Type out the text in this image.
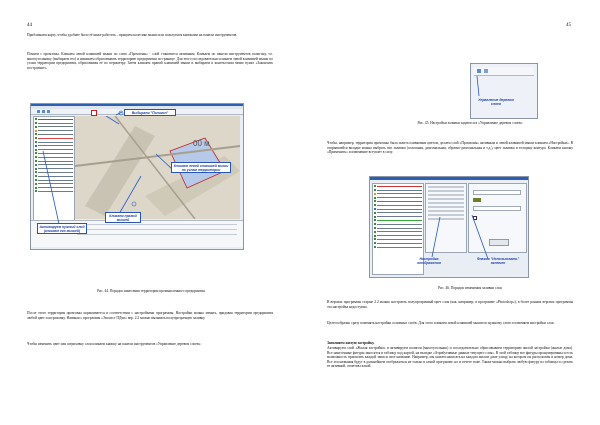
44

Приближаем карту, чтобы удобнее было её ниже работать – вращаем колесико мыши или пользуемся кнопками на панели инструментов.

Почнем с промзоны. Кликаем левой клавишей мыши по слою «Промзоны» - слой становится активным. Кликаем по панели инструментов полигону, т.е. многоугольнику (выбираем его) и начинаем обрисовывать территорию предприятия по границе. Для этого последовательно кликаем левой клавишей мыши по углам территории предприятия, обрисовывая её по периметру. Затем кликаем правой клавишей мыши и выбираем в контекстном меню пункт «Закончить построение».

00 м
Выбираем "Полигон"
Кликаем левой клавишей мыши по углам территории
Активируем нужный слой (кликаем его мышей)
Кликаем правой мышей

Рис. 44. Порядок нанесения территории промышленного предприятия

После этого территория промзоны окрашивается в соответствии с настройками программы. Настройки можно менять, придавая территории предприятия любой цвет и штриховку. Начиная с программы «Экосист ПДчи» вер. 2.2 можно вызывать полупрозрачную заливку.

Чтобы изменить цвет или штриховку слоя кликаем кнопку на панели инструментов «Управление деревом слоев»:

45
Управление деревом слоев

Рис. 45. Настройки заливки задаются в «Управление деревом слоев»

Чтобы, например, территория промзоны была залита оливковым цветом, делаем слой «Промзоны» активным и левой клавишей мыши кликаем «Настройки». В открывшейся вкладке можно выбрать тип заливки (сплошная, диагональная, обратно-диагональная и т.д.), цвет заливки и толщину контура. Кликаем кнопку «Применить» и изменение вступает в силу.

Настройка отображения
Флажок "Использовать" включен

Рис. 46. Порядок изменения заливки слоя

В версиях программы старше 2.2 можно настроить полупрозрачный цвет слоя (как, например, в программе «Photoshop»), в более ранних версиях программы эта настройка недоступна.

Целесообразно сразу поменять настройки основных слоёв. Для этого кликаем левой клавишей мыши по нужному слою и изменяем настройки слоя.

Заполняем жилую застройку.

Активируем слой «Жилая застройка» и активируем полигон (многоугольник) и последовательно обрисовываем территорию жилой застройки (жилые дома). Все нанесенные фигуры заносятся в таблицу под картой, на вкладке «Атрибутивные данные текущего слоя». В этой таблице все фигуры пронумерованы и есть возможность присвоить каждой записи свое название. Например, мы можем написать на каждом жилом доме улицу, на котором он расположен и номер дома. Все эти названия будут в дальнейшем отображаться не только в самой программе, но и отчете тоже. Также можно выбрать любую фигуру из таблицы и сделать ее активной, отметив галкой.
